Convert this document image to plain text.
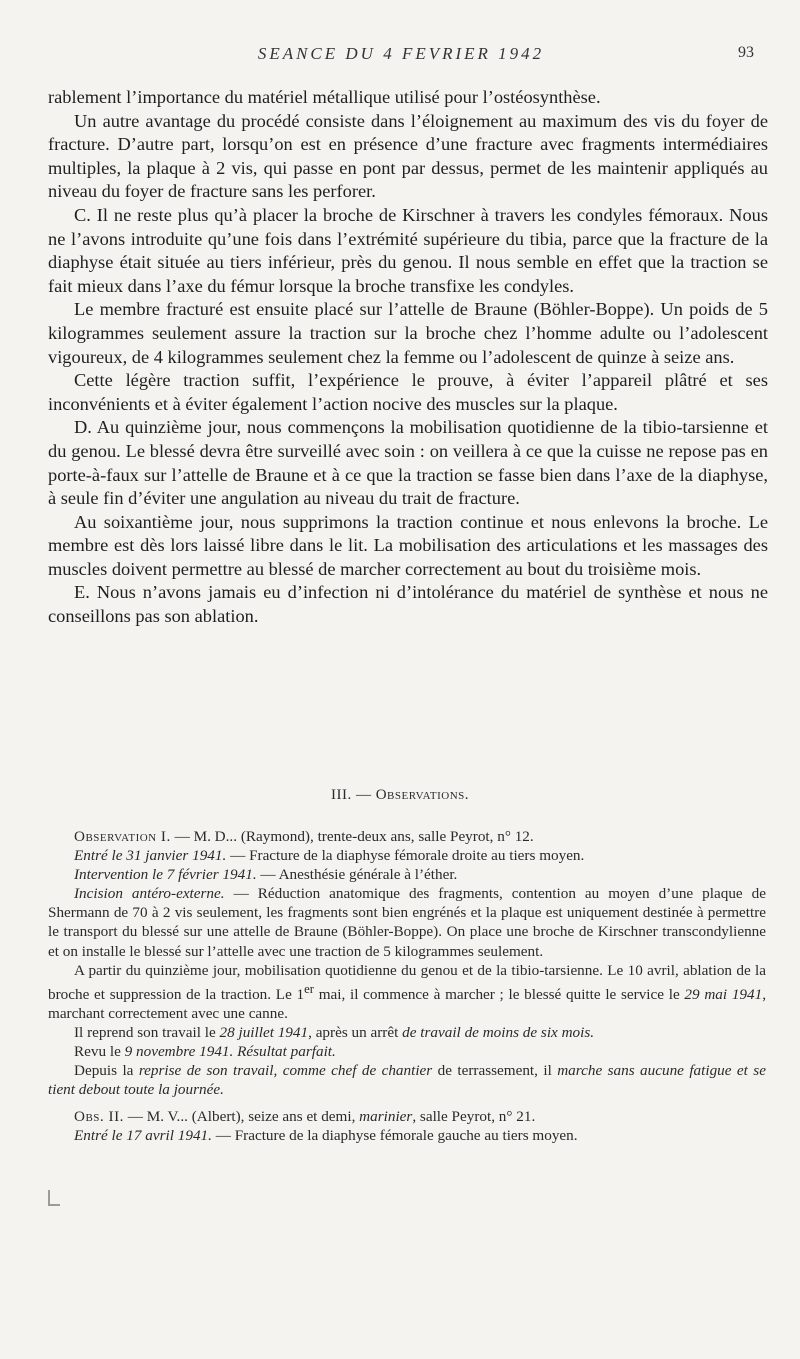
SEANCE DU 4 FEVRIER 1942	93

rablement l’importance du matériel métallique utilisé pour l’ostéosynthèse.

Un autre avantage du procédé consiste dans l’éloignement au maximum des vis du foyer de fracture. D’autre part, lorsqu’on est en présence d’une fracture avec fragments intermédiaires multiples, la plaque à 2 vis, qui passe en pont par dessus, permet de les maintenir appliqués au niveau du foyer de fracture sans les perforer.

C. Il ne reste plus qu’à placer la broche de Kirschner à travers les condyles fémoraux. Nous ne l’avons introduite qu’une fois dans l’extrémité supérieure du tibia, parce que la fracture de la diaphyse était située au tiers inférieur, près du genou. Il nous semble en effet que la traction se fait mieux dans l’axe du fémur lorsque la broche transfixe les condyles.

Le membre fracturé est ensuite placé sur l’attelle de Braune (Böhler-Boppe). Un poids de 5 kilogrammes seulement assure la traction sur la broche chez l’homme adulte ou l’adolescent vigoureux, de 4 kilogrammes seulement chez la femme ou l’adolescent de quinze à seize ans.

Cette légère traction suffit, l’expérience le prouve, à éviter l’appareil plâtré et ses inconvénients et à éviter également l’action nocive des muscles sur la plaque.

D. Au quinzième jour, nous commençons la mobilisation quotidienne de la tibio-tarsienne et du genou. Le blessé devra être surveillé avec soin : on veillera à ce que la cuisse ne repose pas en porte-à-faux sur l’attelle de Braune et à ce que la traction se fasse bien dans l’axe de la diaphyse, à seule fin d’éviter une angulation au niveau du trait de fracture.

Au soixantième jour, nous supprimons la traction continue et nous enlevons la broche. Le membre est dès lors laissé libre dans le lit. La mobilisation des articulations et les massages des muscles doivent permettre au blessé de marcher correctement au bout du troisième mois.

E. Nous n’avons jamais eu d’infection ni d’intolérance du matériel de synthèse et nous ne conseillons pas son ablation.

III. — Observations.

Observation I. — M. D... (Raymond), trente-deux ans, salle Peyrot, n° 12.

Entré le 31 janvier 1941. — Fracture de la diaphyse fémorale droite au tiers moyen.

Intervention le 7 février 1941. — Anesthésie générale à l’éther.

Incision antéro-externe. — Réduction anatomique des fragments, contention au moyen d’une plaque de Shermann de 70 à 2 vis seulement, les fragments sont bien engrénés et la plaque est uniquement destinée à permettre le transport du blessé sur une attelle de Braune (Böhler-Boppe). On place une broche de Kirschner transcondylienne et on installe le blessé sur l’attelle avec une traction de 5 kilogrammes seulement.

A partir du quinzième jour, mobilisation quotidienne du genou et de la tibio-tarsienne. Le 10 avril, ablation de la broche et suppression de la traction. Le 1er mai, il commence à marcher ; le blessé quitte le service le 29 mai 1941, marchant correctement avec une canne.

Il reprend son travail le 28 juillet 1941, après un arrêt de travail de moins de six mois.

Revu le 9 novembre 1941. Résultat parfait.

Depuis la reprise de son travail, comme chef de chantier de terrassement, il marche sans aucune fatigue et se tient debout toute la journée.

Obs. II. — M. V... (Albert), seize ans et demi, marinier, salle Peyrot, n° 21.

Entré le 17 avril 1941. — Fracture de la diaphyse fémorale gauche au tiers moyen.
